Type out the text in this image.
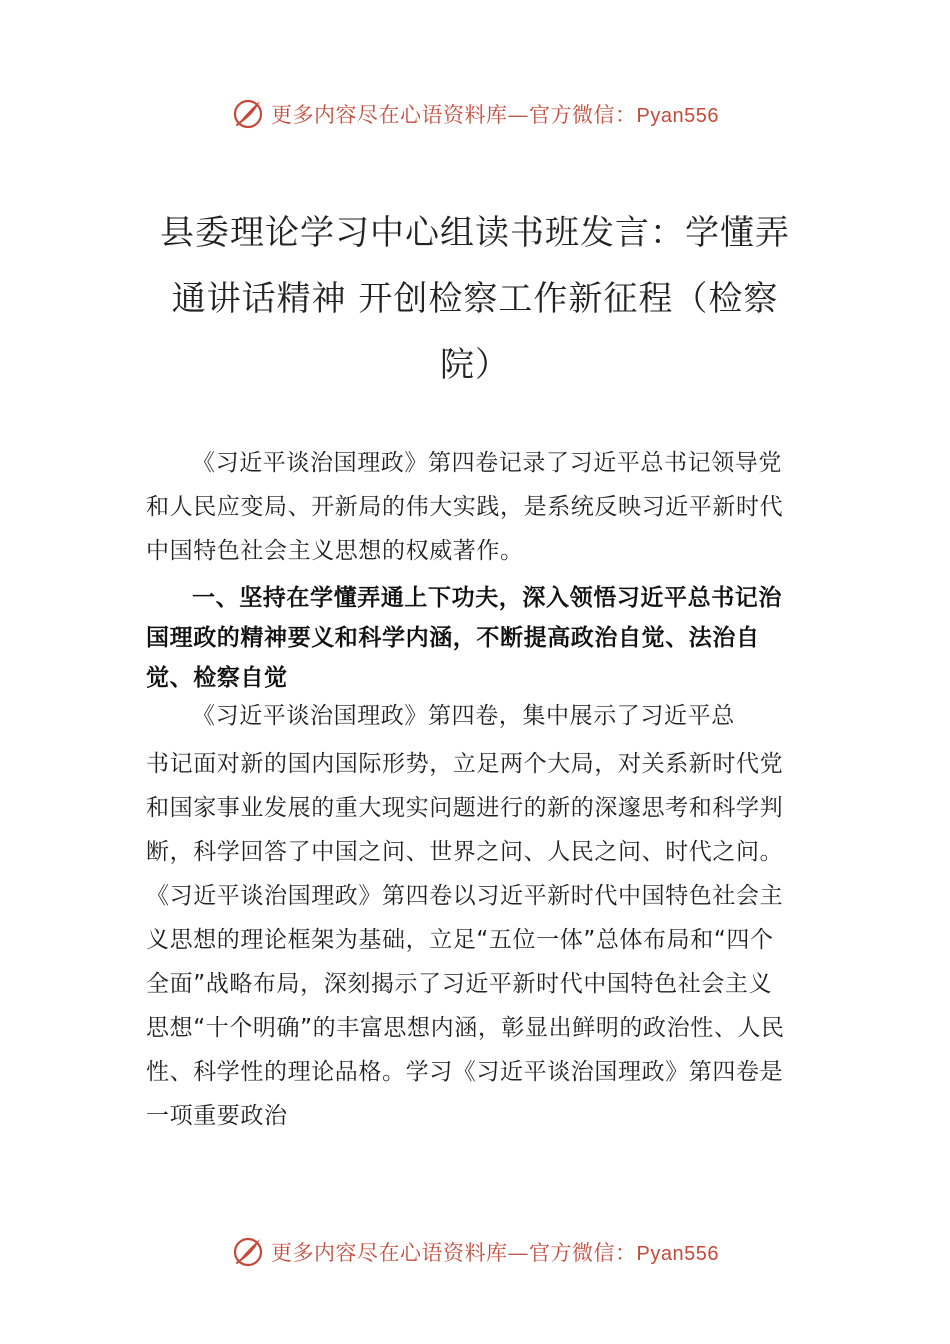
更多内容尽在心语资料库—官方微信：Pyan556
县委理论学习中心组读书班发言：学懂弄通讲话精神 开创检察工作新征程（检察院）

《习近平谈治国理政》第四卷记录了习近平总书记领导党和人民应变局、开新局的伟大实践，是系统反映习近平新时代中国特色社会主义思想的权威著作。

一、坚持在学懂弄通上下功夫，深入领悟习近平总书记治国理政的精神要义和科学内涵，不断提高政治自觉、法治自觉、检察自觉

《习近平谈治国理政》第四卷，集中展示了习近平总

书记面对新的国内国际形势，立足两个大局，对关系新时代党和国家事业发展的重大现实问题进行的新的深邃思考和科学判断，科学回答了中国之问、世界之问、人民之问、时代之问。《习近平谈治国理政》第四卷以习近平新时代中国特色社会主义思想的理论框架为基础，立足“五位一体”总体布局和“四个全面”战略布局，深刻揭示了习近平新时代中国特色社会主义思想“十个明确”的丰富思想内涵，彰显出鲜明的政治性、人民性、科学性的理论品格。学习《习近平谈治国理政》第四卷是一项重要政治

更多内容尽在心语资料库—官方微信：Pyan556
